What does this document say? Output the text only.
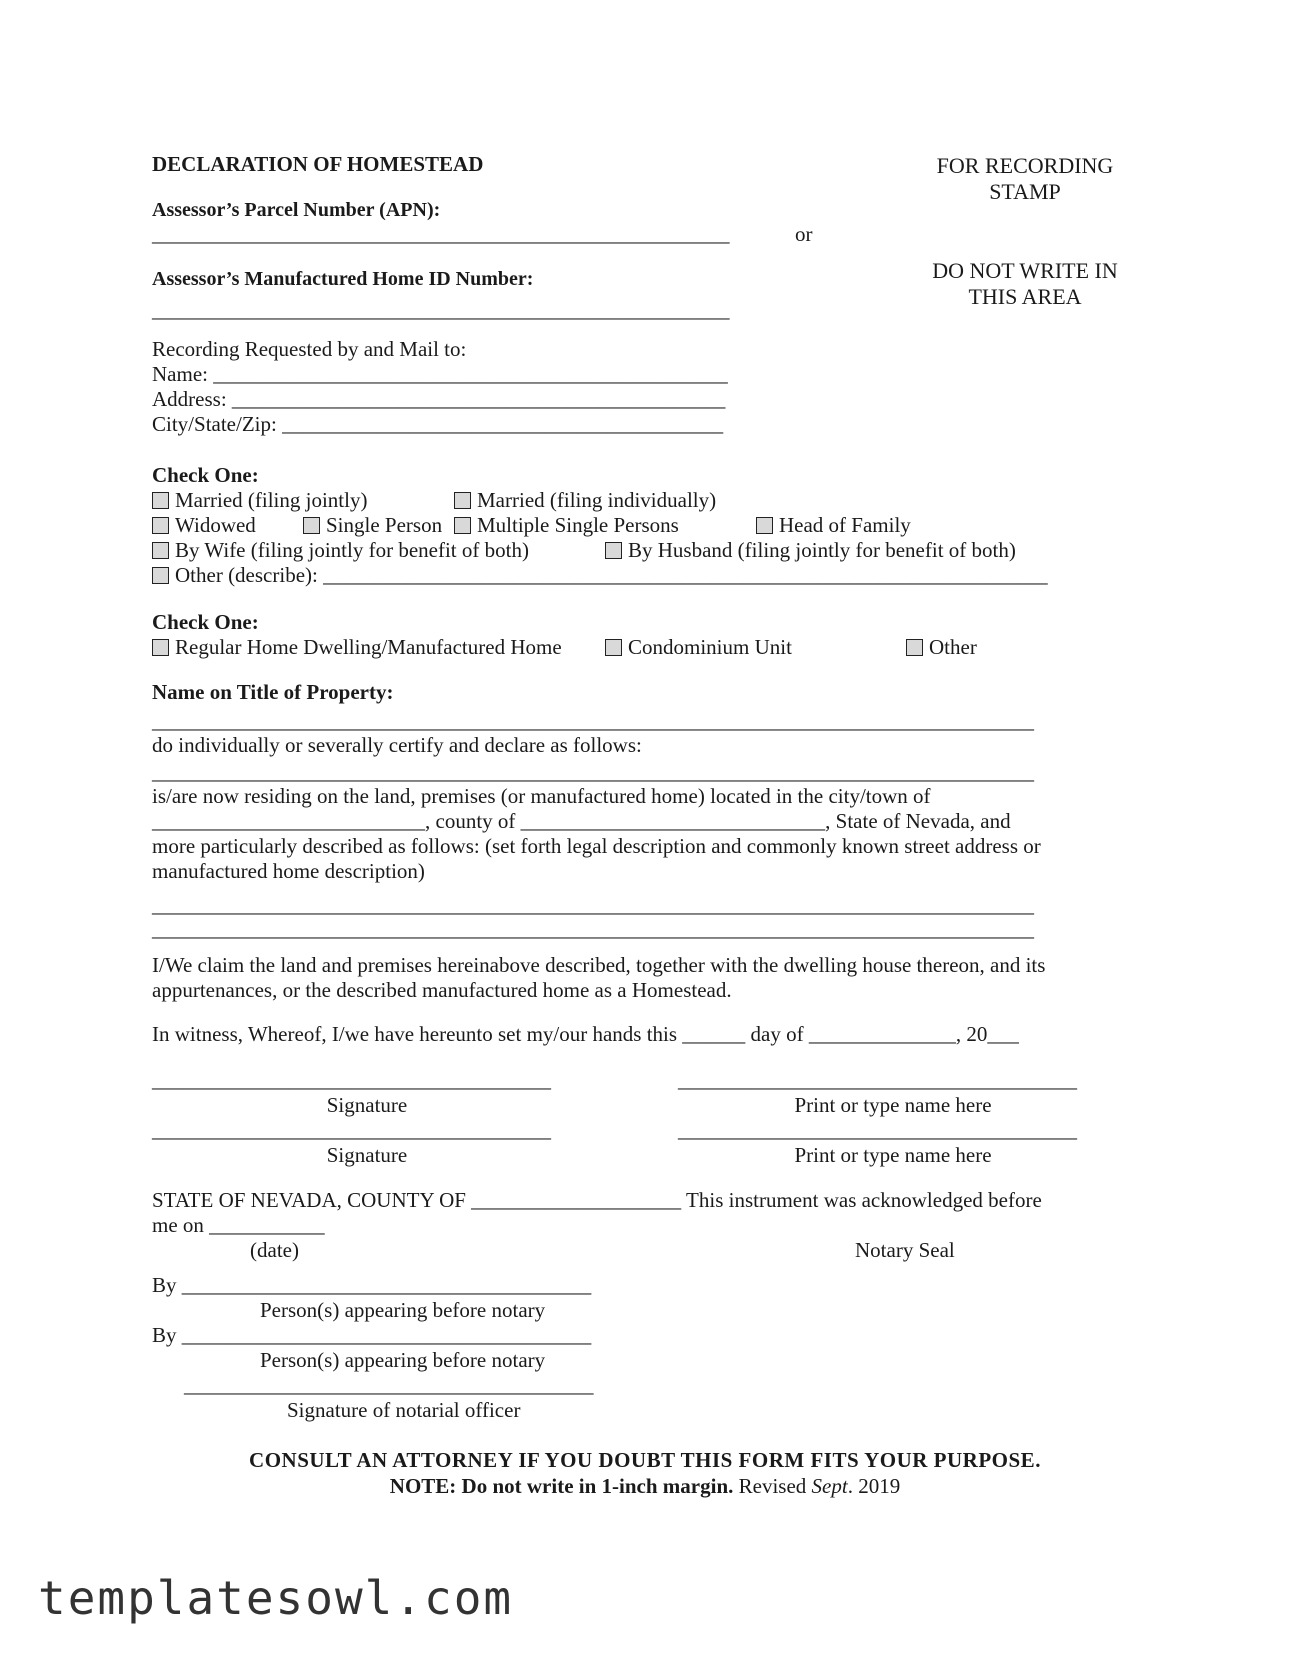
DECLARATION OF HOMESTEAD	FOR RECORDING
STAMP
DO NOT WRITE IN
THIS AREA
Assessor’s Parcel Number (APN):
_______________________________________________________	or
Assessor’s Manufactured Home ID Number:
_______________________________________________________
Recording Requested by and Mail to:
Name: _________________________________________________
Address: _______________________________________________
City/State/Zip: __________________________________________
Check One:
Married (filing jointly)	Married (filing individually)
Widowed	Single Person	Multiple Single Persons	Head of Family
By Wife (filing jointly for benefit of both)	By Husband (filing jointly for benefit of both)
Other (describe): _____________________________________________________________________
Check One:
Regular Home Dwelling/Manufactured Home	Condominium Unit	Other
Name on Title of Property:
____________________________________________________________________________________
do individually or severally certify and declare as follows:
____________________________________________________________________________________
is/are now residing on the land, premises (or manufactured home) located in the city/town of
__________________________, county of _____________________________, State of Nevada, and
more particularly described as follows: (set forth legal description and commonly known street address or
manufactured home description)
____________________________________________________________________________________
____________________________________________________________________________________
I/We claim the land and premises hereinabove described, together with the dwelling house thereon, and its
appurtenances, or the described manufactured home as a Homestead.
In witness, Whereof, I/we have hereunto set my/our hands this ______ day of ______________, 20___
______________________________________	______________________________________
Signature	Print or type name here
______________________________________	______________________________________
Signature	Print or type name here
STATE OF NEVADA, COUNTY OF ____________________ This instrument was acknowledged before
me on ___________
(date)	Notary Seal
By _______________________________________
Person(s) appearing before notary
By _______________________________________
Person(s) appearing before notary
_______________________________________
Signature of notarial officer
CONSULT AN ATTORNEY IF YOU DOUBT THIS FORM FITS YOUR PURPOSE.
NOTE: Do not write in 1-inch margin. Revised Sept. 2019
templatesowl.com
